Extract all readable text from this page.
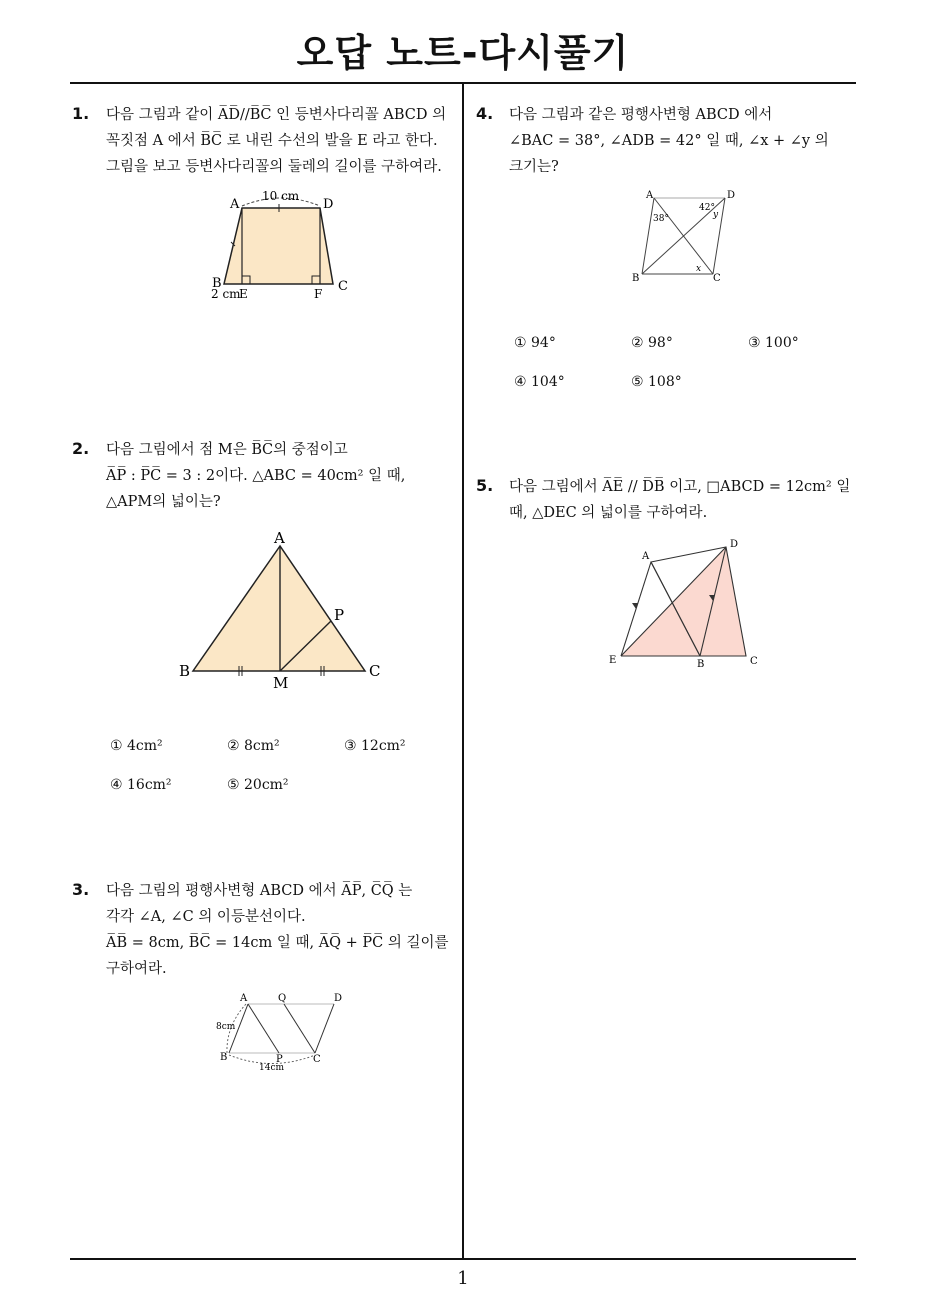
오답 노트-다시풀기
1
1. 다음 그림과 같이 A̅D̅//B̅C̅ 인 등변사다리꼴 ABCD 의
꼭짓점 A 에서 B̅C̅ 로 내린 수선의 발을 E 라고 한다.
그림을 보고 등변사다리꼴의 둘레의 길이를 구하여라.
A	D
B	C
E	F
10 cm
2 cm
2. 다음 그림에서 점 M은 B̅C̅의 중점이고
A̅P̅ : P̅C̅ = 3 : 2이다. △ABC = 40cm² 일 때,
△APM의 넓이는?
A
P
B
M
C
① 4cm²	② 8cm²	③ 12cm²
④ 16cm²	⑤ 20cm²
3. 다음 그림의 평행사변형 ABCD 에서 A̅P̅, C̅Q̅ 는
각각 ∠A, ∠C 의 이등분선이다.
A̅B̅ = 8cm, B̅C̅ = 14cm 일 때, A̅Q̅ + P̅C̅ 의 길이를
구하여라.
A	Q	D
8cm
B	P	C
14cm
4. 다음 그림과 같은 평행사변형 ABCD 에서
∠BAC = 38°, ∠ADB = 42° 일 때, ∠x + ∠y 의
크기는?
A	D
38°
42°
y
x
B	C
① 94°	② 98°	③ 100°
④ 104°	⑤ 108°
5. 다음 그림에서 A̅E̅ // D̅B̅ 이고, □ABCD = 12cm² 일
때, △DEC 의 넓이를 구하여라.
A
D
E	B	C
